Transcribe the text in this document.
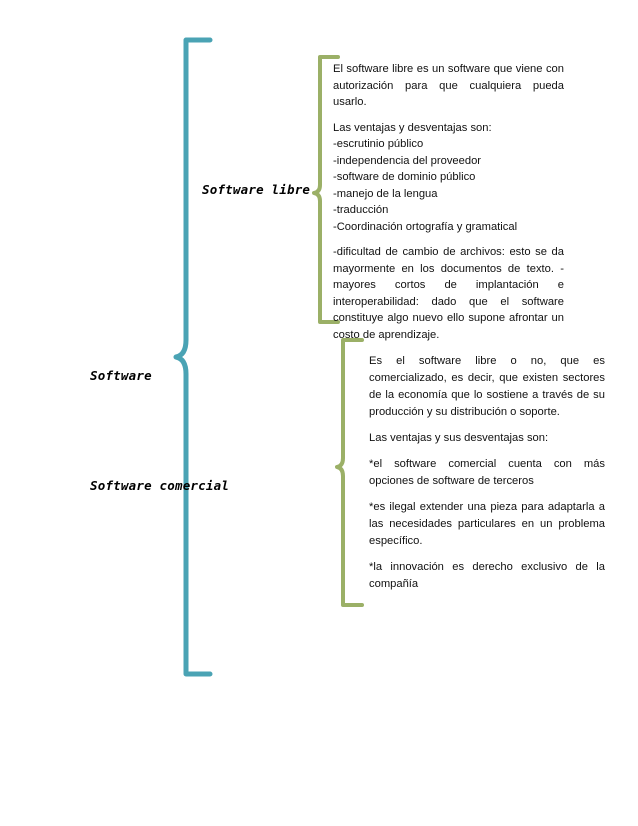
Software
Software libre
Software comercial

El software libre es un software que viene con autorización para que cualquiera pueda usarlo.

Las ventajas y desventajas son:

-escrutinio público

-independencia del proveedor

-software de dominio público

-manejo de la lengua

-traducción

-Coordinación ortografía y gramatical

-dificultad de cambio de archivos: esto se da mayormente en los documentos de texto. -mayores cortos de implantación e interoperabilidad: dado que el software constituye algo nuevo ello supone afrontar un costo de aprendizaje.

Es el software libre o no, que es comercializado, es decir, que existen sectores de la economía que lo sostiene a través de su producción y su distribución o soporte.

Las ventajas y sus desventajas son:

*el software comercial cuenta con más opciones de software de terceros

*es ilegal extender una pieza para adaptarla a las necesidades particulares en un problema específico.

*la innovación es derecho exclusivo de la compañía
